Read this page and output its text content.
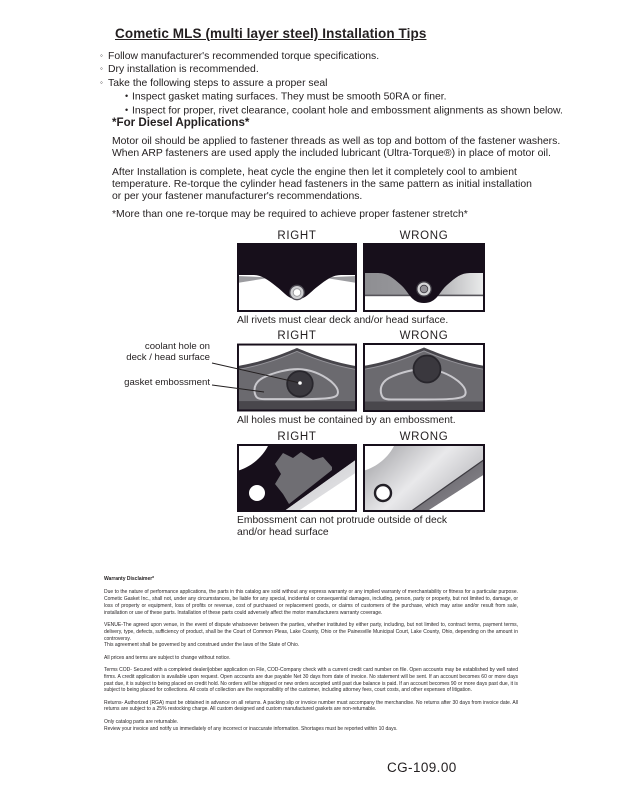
Cometic MLS (multi layer steel) Installation Tips
◦ Follow manufacturer's recommended torque specifications.
◦ Dry installation is recommended.
◦ Take the following steps to assure a proper seal
• Inspect gasket mating surfaces. They must be smooth 50RA or finer.
• Inspect for proper, rivet clearance, coolant hole and embossment alignments as shown below.
*For Diesel Applications*
Motor oil should be applied to fastener threads as well as top and bottom of the fastener washers.
When ARP fasteners are used apply the included lubricant (Ultra-Torque®) in place of motor oil.
After Installation is complete, heat cycle the engine then let it completely cool to ambient
temperature. Re-torque the cylinder head fasteners in the same pattern as initial installation
or per your fastener manufacturer's recommendations.
*More than one re-torque may be required to achieve proper fastener stretch*
RIGHT	WRONG
All rivets must clear deck and/or head surface.
RIGHT	WRONG
All holes must be contained by an embossment.
coolant hole on
deck / head surface
gasket embossment
RIGHT	WRONG
Embossment can not protrude outside of deck
and/or head surface
Warranty Disclaimer*

Due to the nature of performance applications, the parts in this catalog are sold without any express warranty or any implied warranty of merchantability or fitness for a particular purpose. Cometic Gasket Inc., shall not, under any circumstances, be liable for any special, incidental or consequential damages, including, person, party or property, but not limited to, damage, or loss of property or equipment, loss of profits or revenue, cost of purchased or replacement goods, or claims of customers of the purchase, which may arise and/or result from sale, installation or use of these parts. Installation of these parts could adversely affect the motor manufacturers warranty coverage.

VENUE-The agreed upon venue, in the event of dispute whatsoever between the parties, whether instituted by either party, including, but not limited to, contract terms, payment terms, delivery, type, defects, sufficiency of product, shall be the Court of Common Pleas, Lake County, Ohio or the Painesville Municipal Court, Lake County, Ohio, depending on the amount in controversy.
This agreement shall be governed by and construed under the laws of the State of Ohio.

All prices and terms are subject to change without notice.

Terms COD- Secured with a completed dealer/jobber application on File, COD-Company check with a current credit card number on file. Open accounts may be established by well rated firms. A credit application is available upon request. Open accounts are due payable Net 30 days from date of invoice. No statement will be sent. If an account becomes 60 or more days past due, it is subject to being placed on credit hold. No orders will be shipped or new orders accepted until past due balance is paid. If an account becomes 90 or more days past due, it is subject to being placed for collections. All costs of collection are the responsibility of the customer, including attorney fees, court costs, and other expenses of litigation.

Returns- Authorized (RGA) must be obtained in advance on all returns. A packing slip or invoice number must accompany the merchandise. No returns after 30 days from invoice date. All returns are subject to a 25% restocking charge. All custom designed and custom manufactured gaskets are non-returnable.

Only catalog parts are returnable.
Review your invoice and notify us immediately of any incorrect or inaccurate information. Shortages must be reported within 10 days.

CG-109.00
